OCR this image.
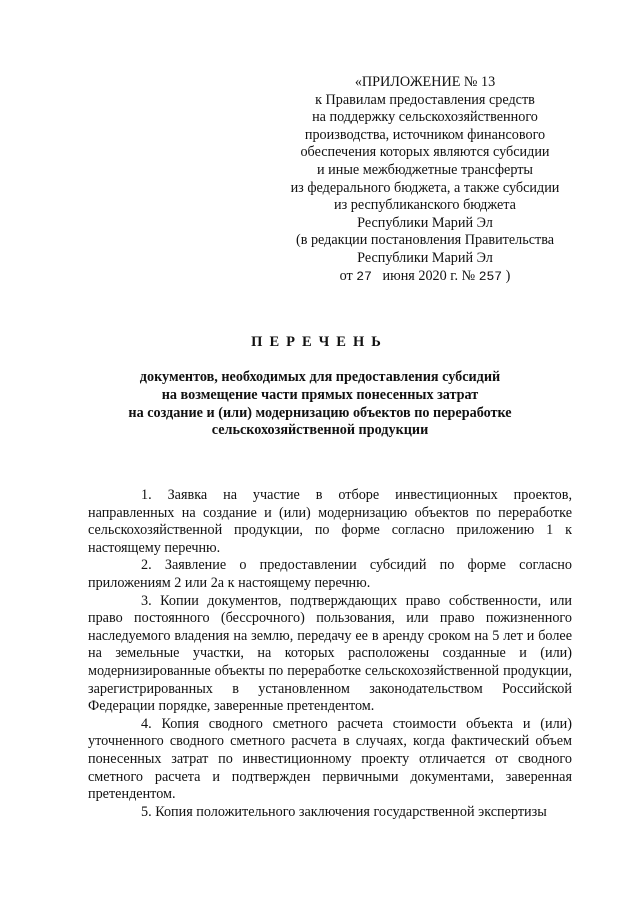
«ПРИЛОЖЕНИЕ № 13
к Правилам предоставления средств
на поддержку сельскохозяйственного
производства, источником финансового
обеспечения которых являются субсидии
и иные межбюджетные трансферты
из федерального бюджета, а также субсидии
из республиканского бюджета
Республики Марий Эл
(в редакции постановления Правительства
Республики Марий Эл
от 27 июня 2020 г. № 257 )
ПЕРЕЧЕНЬ
документов, необходимых для предоставления субсидий
на возмещение части прямых понесенных затрат
на создание и (или) модернизацию объектов по переработке
сельскохозяйственной продукции

1. Заявка на участие в отборе инвестиционных проектов, направленных на создание и (или) модернизацию объектов по переработке сельскохозяйственной продукции, по форме согласно приложению 1 к настоящему перечню.

2. Заявление о предоставлении субсидий по форме согласно приложениям 2 или 2а к настоящему перечню.

3. Копии документов, подтверждающих право собственности, или право постоянного (бессрочного) пользования, или право пожизненного наследуемого владения на землю, передачу ее в аренду сроком на 5 лет и более на земельные участки, на которых расположены созданные и (или) модернизированные объекты по переработке сельскохозяйственной продукции, зарегистрированных в установленном законодательством Российской Федерации порядке, заверенные претендентом.

4. Копия сводного сметного расчета стоимости объекта и (или) уточненного сводного сметного расчета в случаях, когда фактический объем понесенных затрат по инвестиционному проекту отличается от сводного сметного расчета и подтвержден первичными документами, заверенная претендентом.

5. Копия положительного заключения государственной экспертизы
